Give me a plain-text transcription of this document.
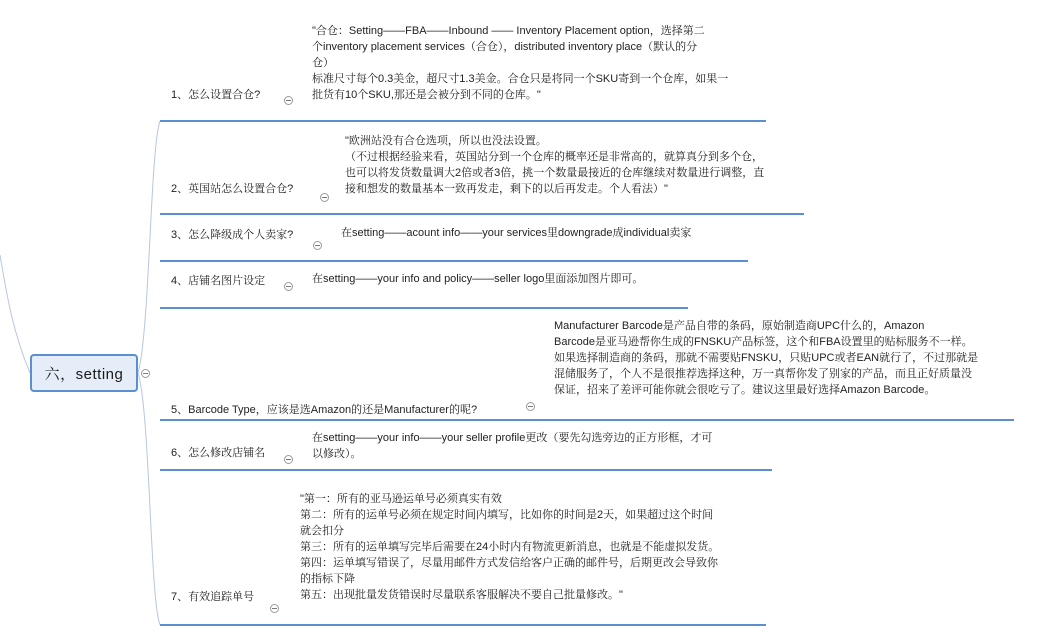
六，setting
1、怎么设置合仓?
"合仓：Setting——FBA——Inbound —— Inventory Placement option，选择第二
个inventory placement services（合仓），distributed inventory place（默认的分
仓）
标准尺寸每个0.3美金，超尺寸1.3美金。合仓只是将同一个SKU寄到一个仓库，如果一
批货有10个SKU,那还是会被分到不同的仓库。"
2、英国站怎么设置合仓?
"欧洲站没有合仓选项，所以也没法设置。
（不过根据经验来看，英国站分到一个仓库的概率还是非常高的，就算真分到多个仓，
也可以将发货数量调大2倍或者3倍，挑一个数量最接近的仓库继续对数量进行调整，直
接和想发的数量基本一致再发走，剩下的以后再发走。个人看法）"
3、怎么降级成个人卖家?	在setting——acount info——your services里downgrade成individual卖家
4、店铺名图片设定	在setting——your info and policy——seller logo里面添加图片即可。
5、Barcode Type，应该是选Amazon的还是Manufacturer的呢?
Manufacturer Barcode是产品自带的条码，原始制造商UPC什么的，Amazon
Barcode是亚马逊帮你生成的FNSKU产品标签，这个和FBA设置里的贴标服务不一样。
如果选择制造商的条码，那就不需要贴FNSKU，只贴UPC或者EAN就行了，不过那就是
混储服务了，个人不是很推荐选择这种，万一真帮你发了别家的产品，而且正好质量没
保证，招来了差评可能你就会很吃亏了。建议这里最好选择Amazon Barcode。
6、怎么修改店铺名
在setting——your info——your seller profile更改（要先勾选旁边的正方形框，才可
以修改）。
7、有效追踪单号
"第一：所有的亚马逊运单号必须真实有效
第二：所有的运单号必须在规定时间内填写，比如你的时间是2天，如果超过这个时间
就会扣分
第三：所有的运单填写完毕后需要在24小时内有物流更新消息，也就是不能虚拟发货。
第四：运单填写错误了，尽量用邮件方式发信给客户正确的邮件号，后期更改会导致你
的指标下降
第五：出现批量发货错误时尽量联系客服解决不要自己批量修改。"
